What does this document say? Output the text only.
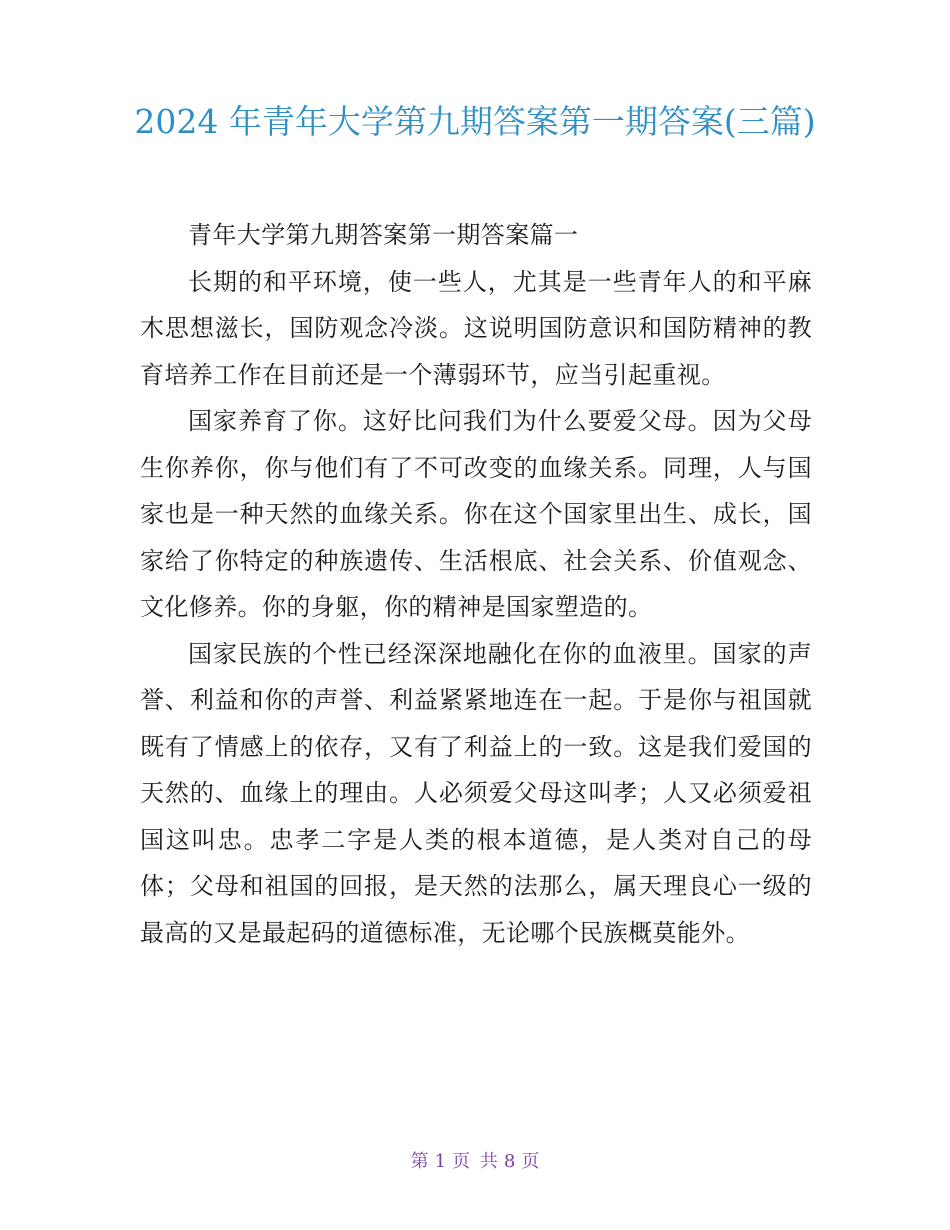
2024 年青年大学第九期答案第一期答案(三篇)

青年大学第九期答案第一期答案篇一

长期的和平环境，使一些人，尤其是一些青年人的和平麻木思想滋长，国防观念冷淡。这说明国防意识和国防精神的教育培养工作在目前还是一个薄弱环节，应当引起重视。

国家养育了你。这好比问我们为什么要爱父母。因为父母生你养你，你与他们有了不可改变的血缘关系。同理，人与国家也是一种天然的血缘关系。你在这个国家里出生、成长，国家给了你特定的种族遗传、生活根底、社会关系、价值观念、文化修养。你的身躯，你的精神是国家塑造的。

国家民族的个性已经深深地融化在你的血液里。国家的声誉、利益和你的声誉、利益紧紧地连在一起。于是你与祖国就既有了情感上的依存，又有了利益上的一致。这是我们爱国的天然的、血缘上的理由。人必须爱父母这叫孝；人又必须爱祖国这叫忠。忠孝二字是人类的根本道德，是人类对自己的母体；父母和祖国的回报，是天然的法那么，属天理良心一级的最高的又是最起码的道德标准，无论哪个民族概莫能外。

第 1 页 共 8 页
